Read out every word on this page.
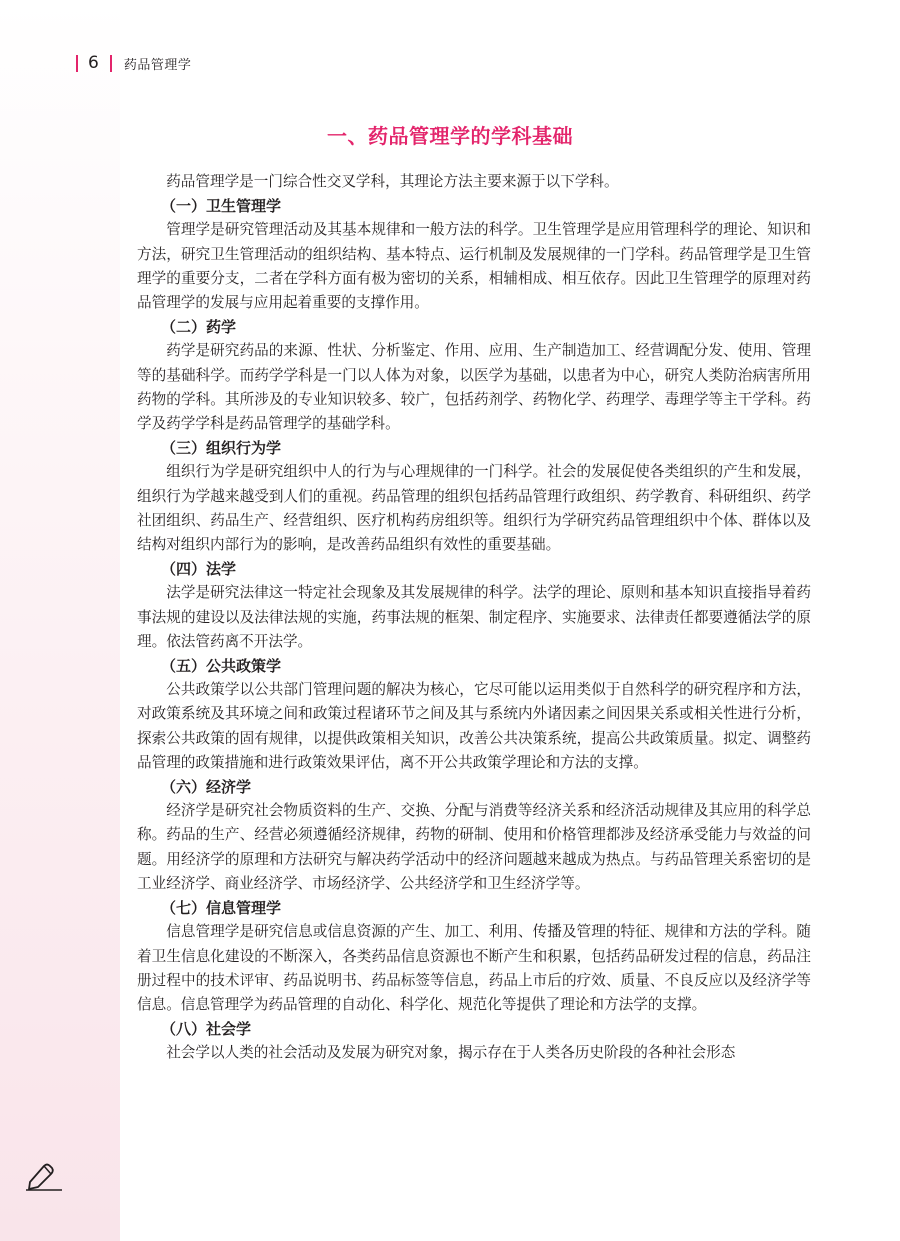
6 药品管理学
一、药品管理学的学科基础

药品管理学是一门综合性交叉学科，其理论方法主要来源于以下学科。

（一）卫生管理学

管理学是研究管理活动及其基本规律和一般方法的科学。卫生管理学是应用管理科学的理论、知识和方法，研究卫生管理活动的组织结构、基本特点、运行机制及发展规律的一门学科。药品管理学是卫生管理学的重要分支，二者在学科方面有极为密切的关系，相辅相成、相互依存。因此卫生管理学的原理对药品管理学的发展与应用起着重要的支撑作用。

（二）药学

药学是研究药品的来源、性状、分析鉴定、作用、应用、生产制造加工、经营调配分发、使用、管理等的基础科学。而药学学科是一门以人体为对象，以医学为基础，以患者为中心，研究人类防治病害所用药物的学科。其所涉及的专业知识较多、较广，包括药剂学、药物化学、药理学、毒理学等主干学科。药学及药学学科是药品管理学的基础学科。

（三）组织行为学

组织行为学是研究组织中人的行为与心理规律的一门科学。社会的发展促使各类组织的产生和发展，组织行为学越来越受到人们的重视。药品管理的组织包括药品管理行政组织、药学教育、科研组织、药学社团组织、药品生产、经营组织、医疗机构药房组织等。组织行为学研究药品管理组织中个体、群体以及结构对组织内部行为的影响，是改善药品组织有效性的重要基础。

（四）法学

法学是研究法律这一特定社会现象及其发展规律的科学。法学的理论、原则和基本知识直接指导着药事法规的建设以及法律法规的实施，药事法规的框架、制定程序、实施要求、法律责任都要遵循法学的原理。依法管药离不开法学。

（五）公共政策学

公共政策学以公共部门管理问题的解决为核心，它尽可能以运用类似于自然科学的研究程序和方法，对政策系统及其环境之间和政策过程诸环节之间及其与系统内外诸因素之间因果关系或相关性进行分析，探索公共政策的固有规律，以提供政策相关知识，改善公共决策系统，提高公共政策质量。拟定、调整药品管理的政策措施和进行政策效果评估，离不开公共政策学理论和方法的支撑。

（六）经济学

经济学是研究社会物质资料的生产、交换、分配与消费等经济关系和经济活动规律及其应用的科学总称。药品的生产、经营必须遵循经济规律，药物的研制、使用和价格管理都涉及经济承受能力与效益的问题。用经济学的原理和方法研究与解决药学活动中的经济问题越来越成为热点。与药品管理关系密切的是工业经济学、商业经济学、市场经济学、公共经济学和卫生经济学等。

（七）信息管理学

信息管理学是研究信息或信息资源的产生、加工、利用、传播及管理的特征、规律和方法的学科。随着卫生信息化建设的不断深入，各类药品信息资源也不断产生和积累，包括药品研发过程的信息，药品注册过程中的技术评审、药品说明书、药品标签等信息，药品上市后的疗效、质量、不良反应以及经济学等信息。信息管理学为药品管理的自动化、科学化、规范化等提供了理论和方法学的支撑。

（八）社会学

社会学以人类的社会活动及发展为研究对象，揭示存在于人类各历史阶段的各种社会形态
